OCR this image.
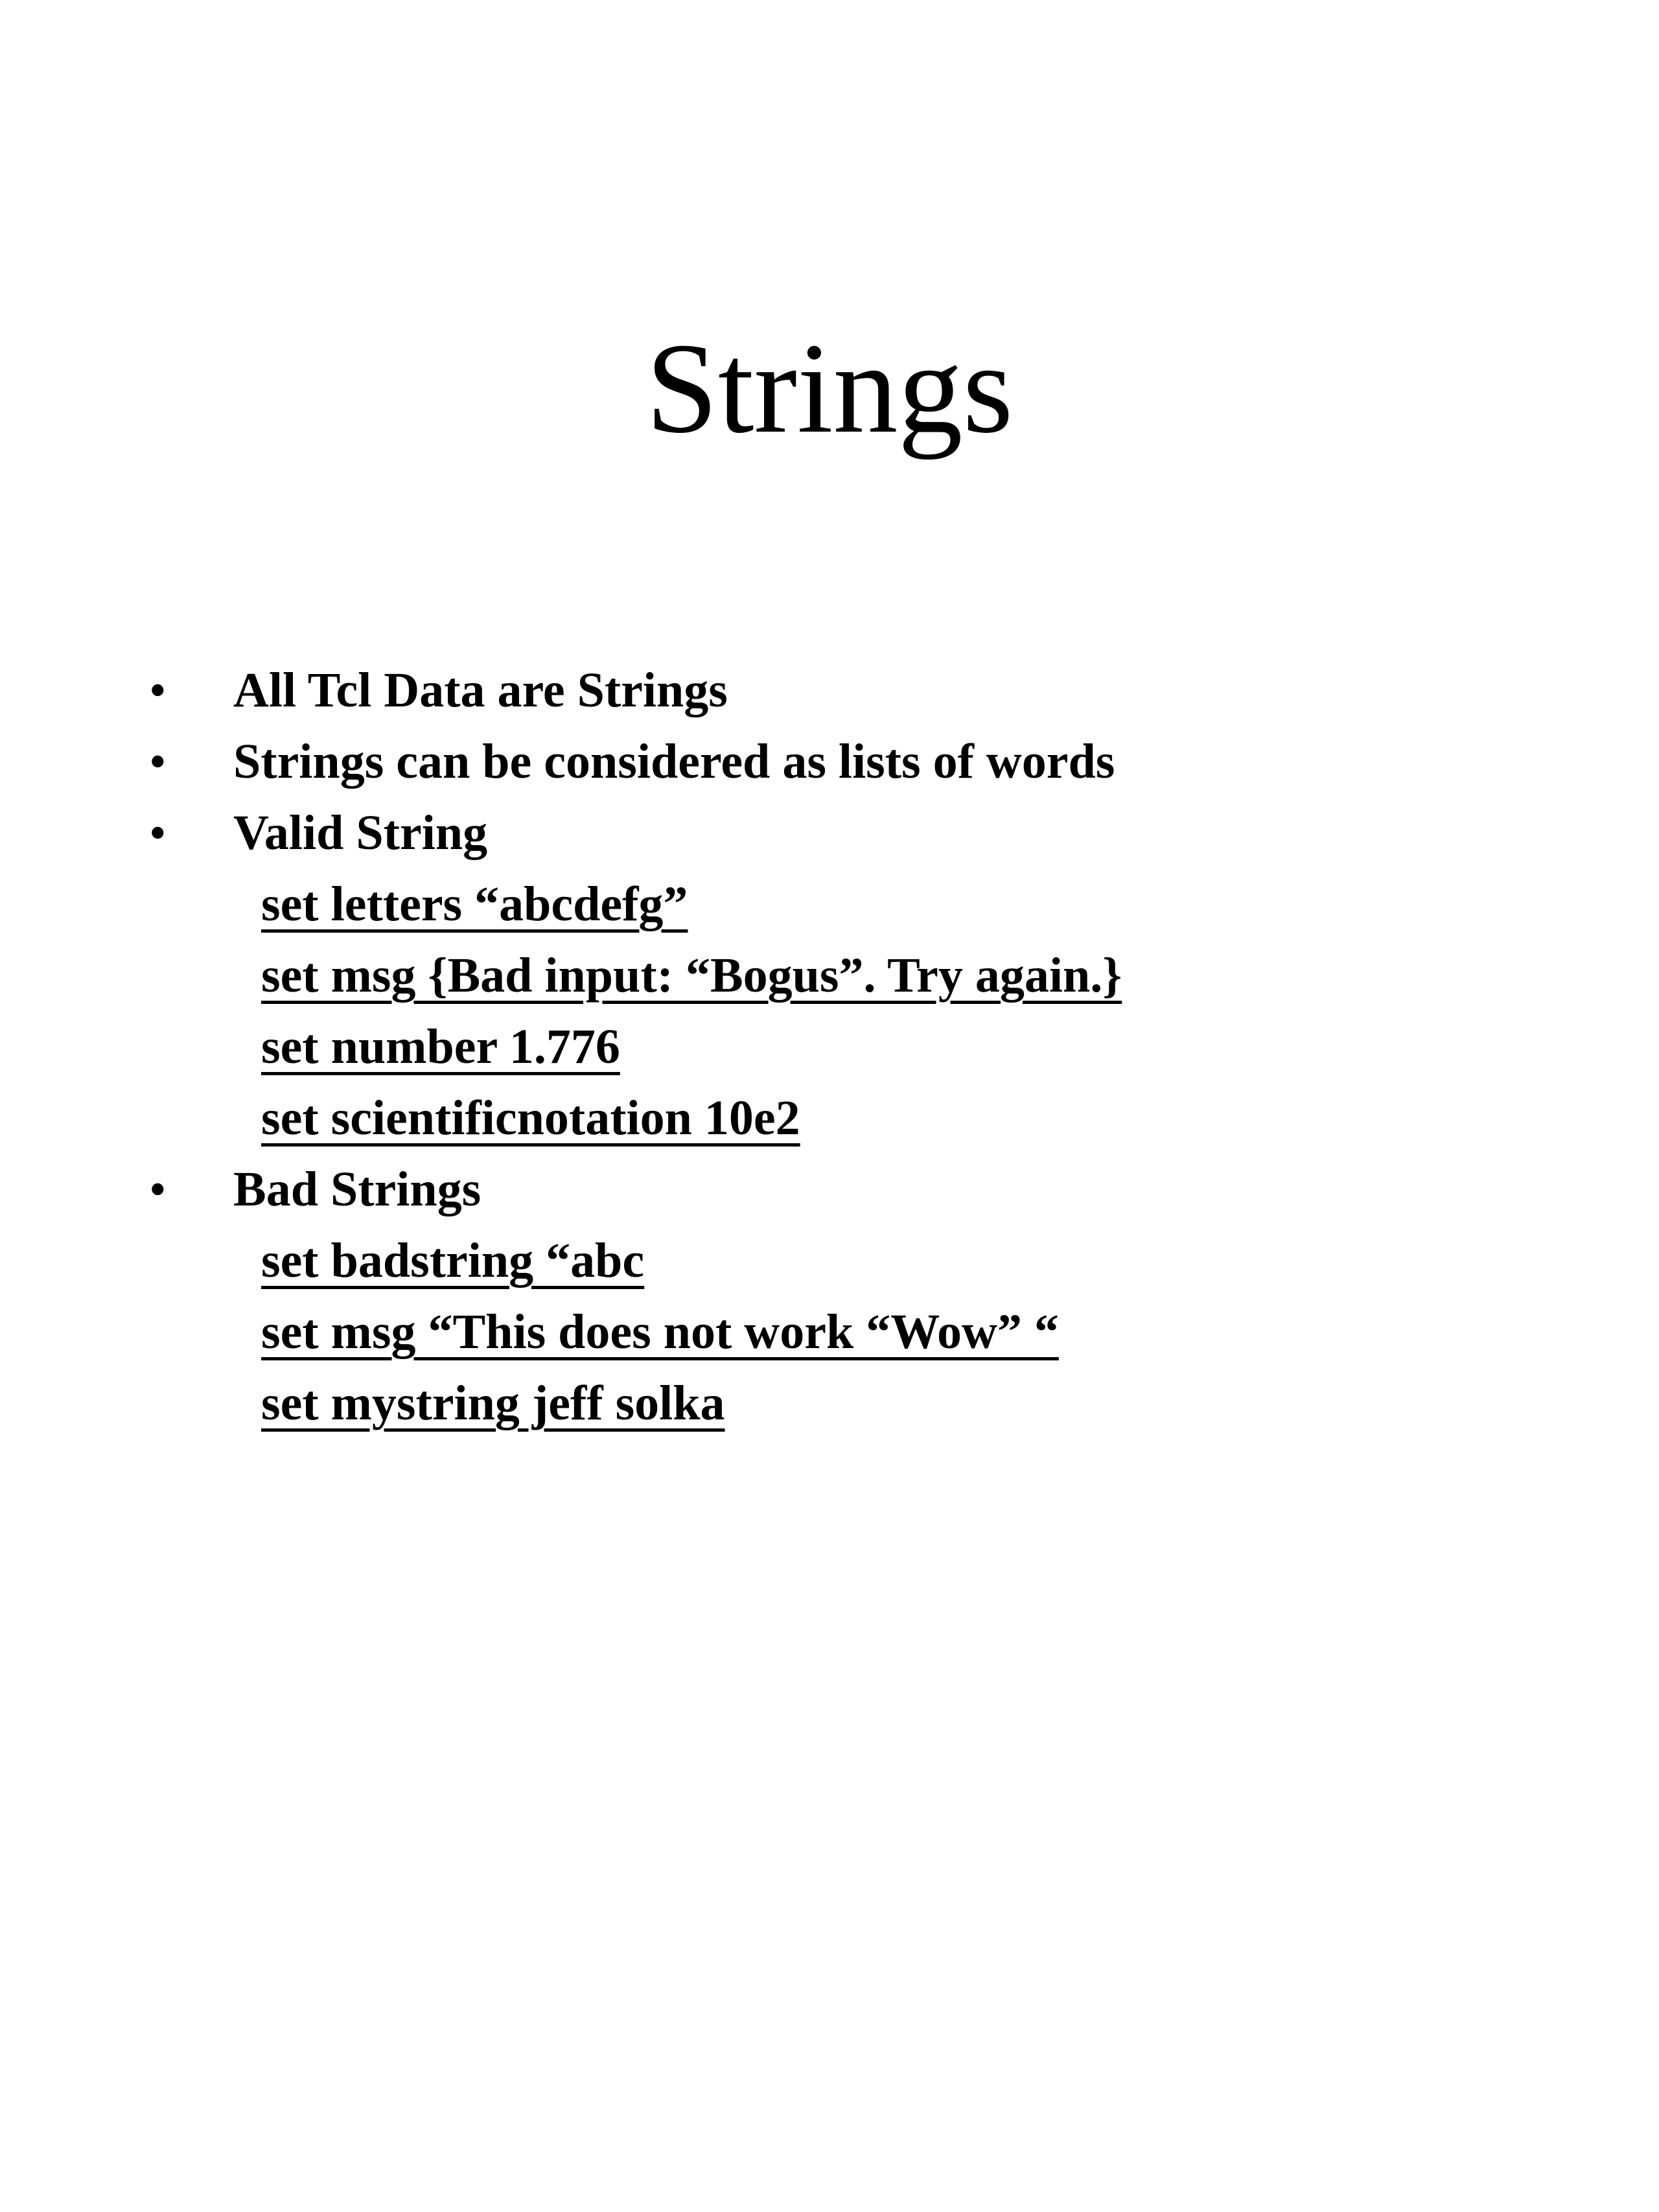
Strings
• All Tcl Data are Strings
• Strings can be considered as lists of words
• Valid String
set letters “abcdefg”
set msg {Bad input: “Bogus”. Try again.}
set number 1.776
set scientificnotation 10e2
• Bad Strings
set badstring “abc
set msg “This does not work “Wow” “
set mystring jeff solka
